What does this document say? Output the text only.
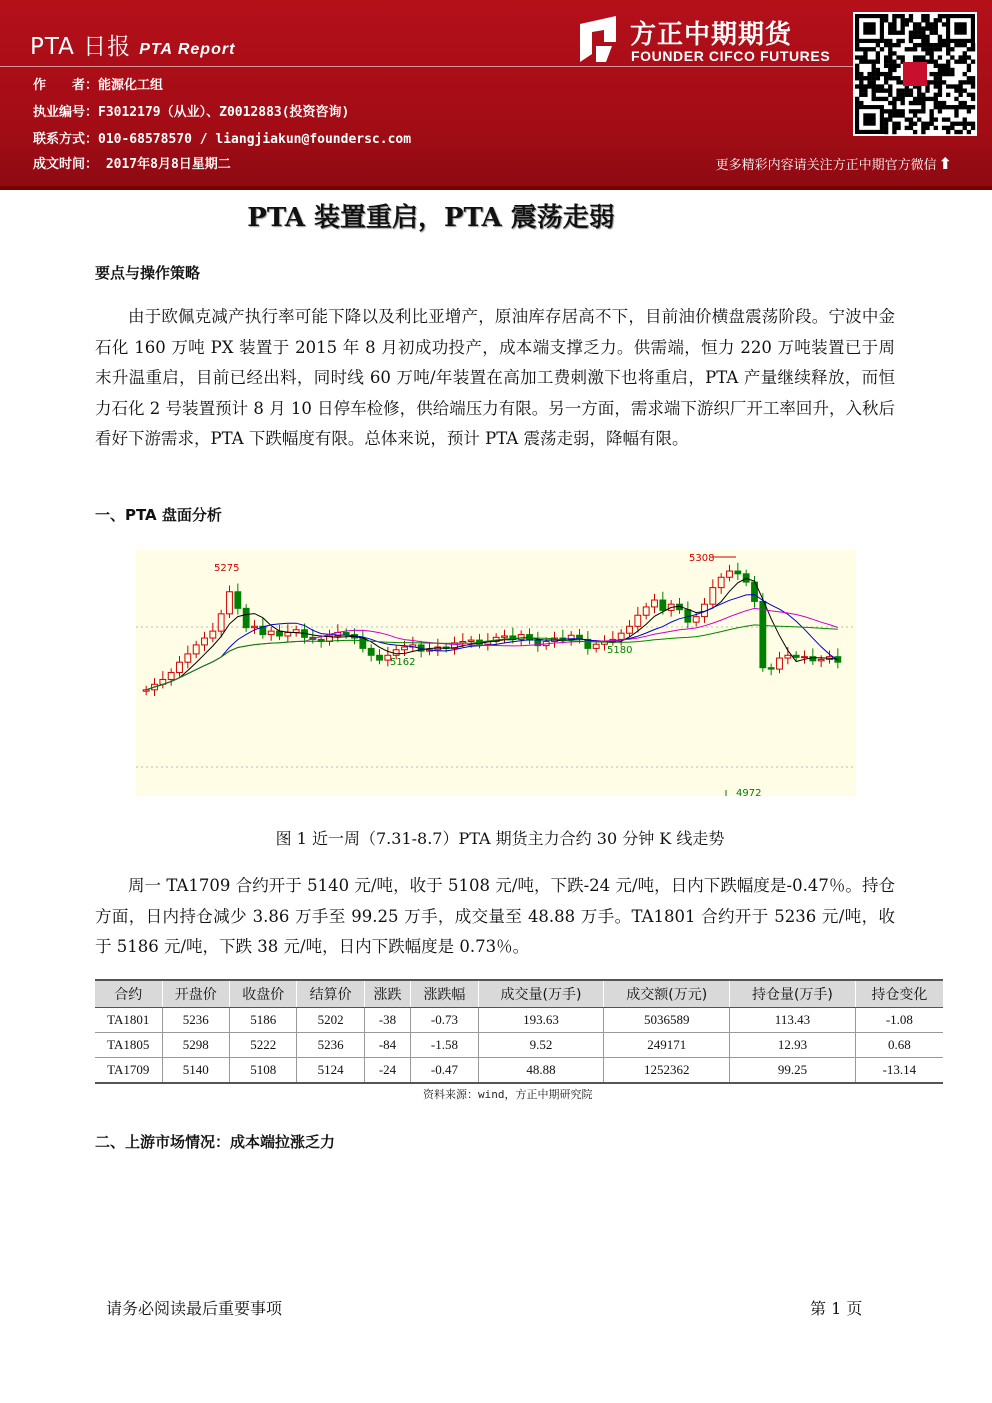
PTA 日报 PTA Report
作　　者：能源化工组
执业编号：F3012179（从业）、Z0012883(投资咨询)
联系方式：010-68578570 / liangjiakun@foundersc.com
成文时间： 2017年8月8日星期二
方正中期期货
FOUNDER CIFCO FUTURES
更多精彩内容请关注方正中期官方微信 ⬆
PTA 装置重启，PTA 震荡走弱
要点与操作策略
由于欧佩克减产执行率可能下降以及利比亚增产，原油库存居高不下，目前油价横盘震荡阶段。宁波中金石化 160 万吨 PX 装置于 2015 年 8 月初成功投产，成本端支撑乏力。供需端，恒力 220 万吨装置已于周末升温重启，目前已经出料，同时线 60 万吨/年装置在高加工费刺激下也将重启，PTA 产量继续释放，而恒力石化 2 号装置预计 8 月 10 日停车检修，供给端压力有限。另一方面，需求端下游织厂开工率回升，入秋后看好下游需求，PTA 下跌幅度有限。总体来说，预计 PTA 震荡走弱，降幅有限。
一、PTA 盘面分析
5275
5162
5180
5308
4972
图 1 近一周（7.31-8.7）PTA 期货主力合约 30 分钟 K 线走势
周一 TA1709 合约开于 5140 元/吨，收于 5108 元/吨，下跌-24 元/吨，日内下跌幅度是-0.47％。持仓方面，日内持仓减少 3.86 万手至 99.25 万手，成交量至 48.88 万手。TA1801 合约开于 5236 元/吨，收于 5186 元/吨，下跌 38 元/吨，日内下跌幅度是 0.73％。
合约	开盘价	收盘价	结算价	涨跌	涨跌幅	成交量(万手)	成交额(万元)	持仓量(万手)	持仓变化
TA1801	5236	5186	5202	-38	-0.73	193.63	5036589	113.43	-1.08
TA1805	5298	5222	5236	-84	-1.58	9.52	249171	12.93	0.68
TA1709	5140	5108	5124	-24	-0.47	48.88	1252362	99.25	-13.14
资料来源：wind，方正中期研究院
二、上游市场情况：成本端拉涨乏力
请务必阅读最后重要事项	第 1 页
